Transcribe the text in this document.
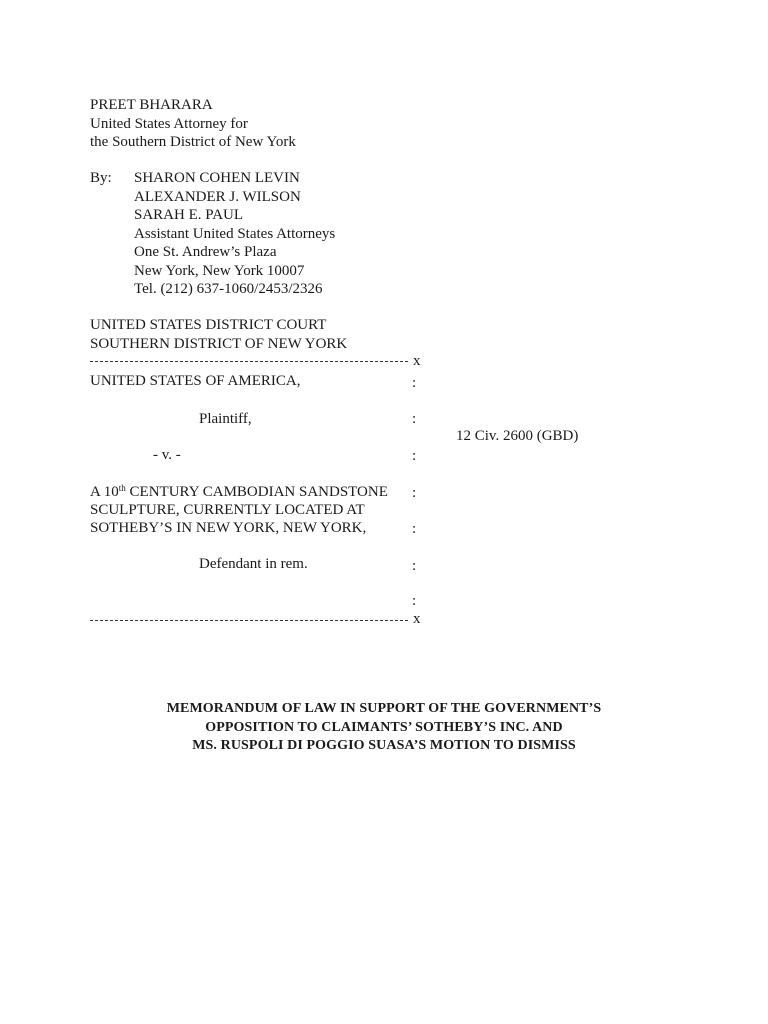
PREET BHARARA
United States Attorney for
the Southern District of New York
By: SHARON COHEN LEVIN
ALEXANDER J. WILSON
SARAH E. PAUL
Assistant United States Attorneys
One St. Andrew’s Plaza
New York, New York 10007
Tel. (212) 637-1060/2453/2326
UNITED STATES DISTRICT COURT
SOUTHERN DISTRICT OF NEW YORK
x
UNITED STATES OF AMERICA,	:
Plaintiff,	:
12 Civ. 2600 (GBD)
- v. -	:
A 10th CENTURY CAMBODIAN SANDSTONE :
SCULPTURE, CURRENTLY LOCATED AT
SOTHEBY’S IN NEW YORK, NEW YORK,	:
Defendant in rem.	:
:
x
MEMORANDUM OF LAW IN SUPPORT OF THE GOVERNMENT’S
OPPOSITION TO CLAIMANTS’ SOTHEBY’S INC. AND
MS. RUSPOLI DI POGGIO SUASA’S MOTION TO DISMISS
